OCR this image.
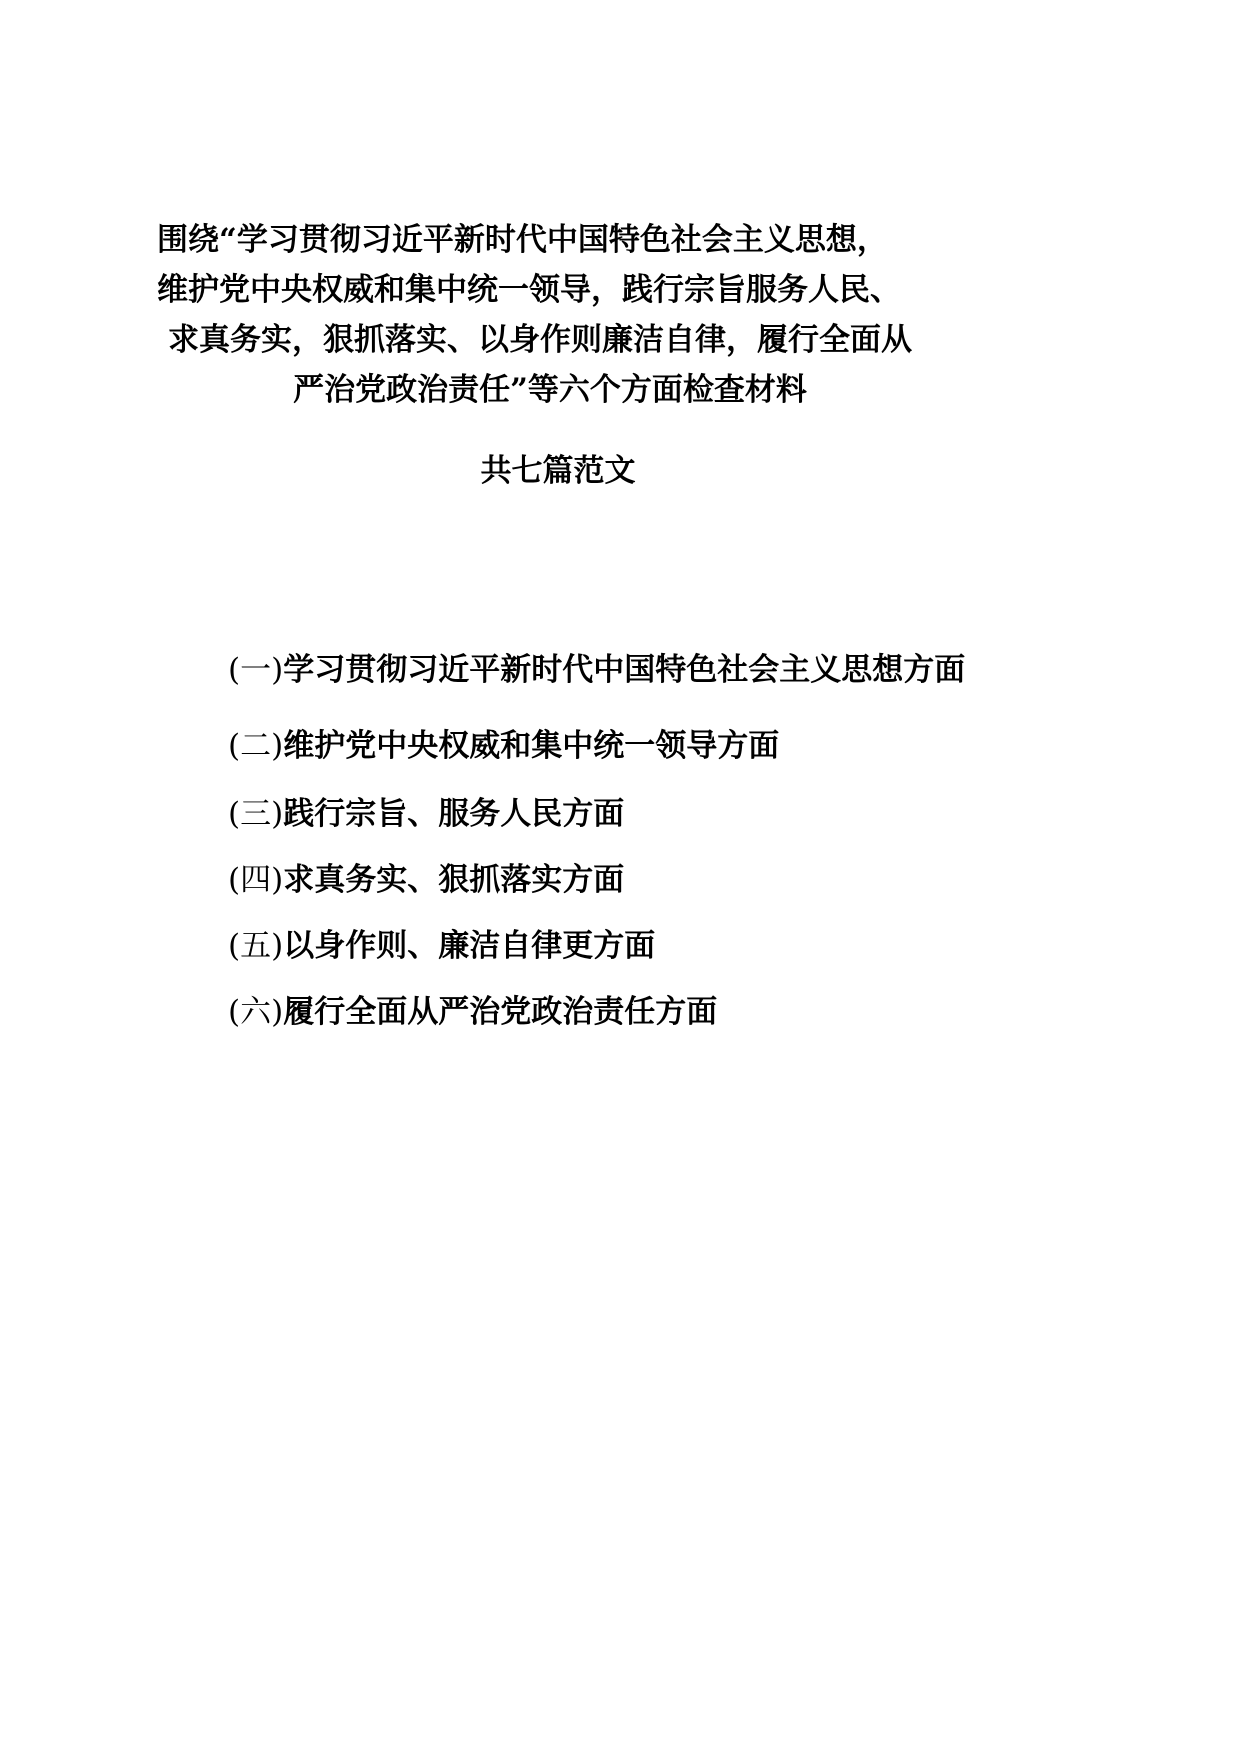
围绕“学习贯彻习近平新时代中国特色社会主义思想，
维护党中央权威和集中统一领导，践行宗旨服务人民、
求真务实，狠抓落实、以身作则廉洁自律，履行全面从
严治党政治责任”等六个方面检查材料
共七篇范文
(一)学习贯彻习近平新时代中国特色社会主义思想方面
(二)维护党中央权威和集中统一领导方面
(三)践行宗旨、服务人民方面
(四)求真务实、狠抓落实方面
(五)以身作则、廉洁自律更方面
(六)履行全面从严治党政治责任方面
